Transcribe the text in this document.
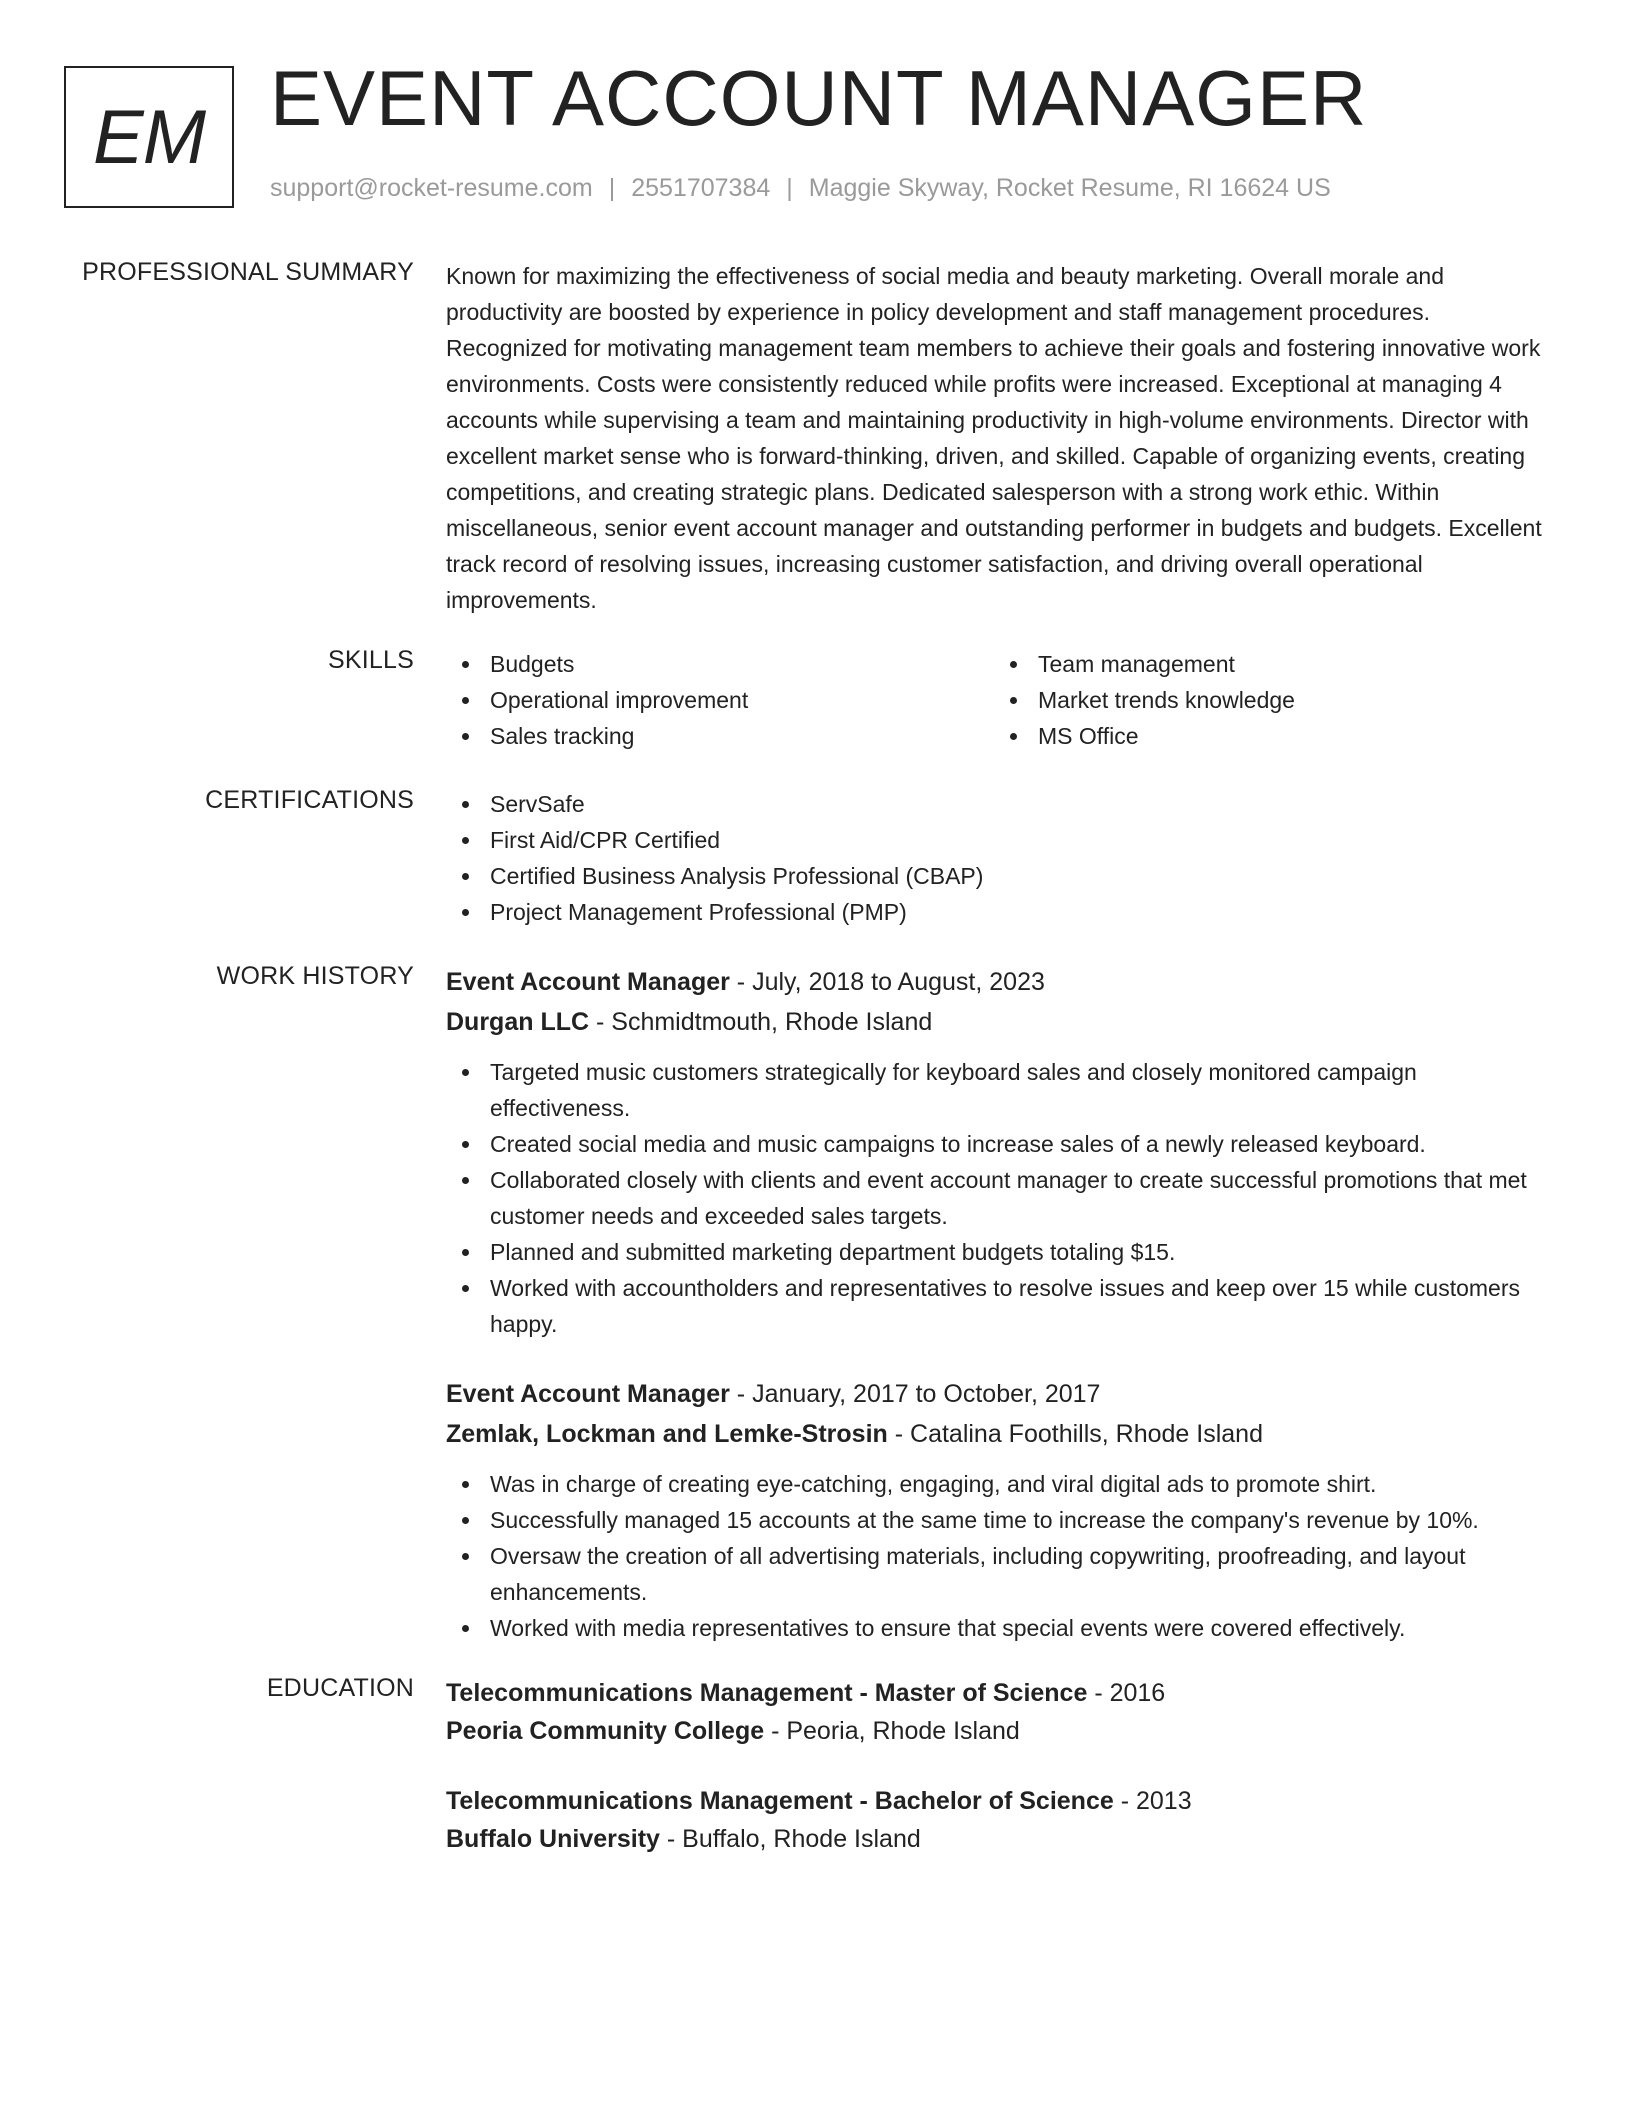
EM EVENT ACCOUNT MANAGER
support@rocket-resume.com | 2551707384 | Maggie Skyway, Rocket Resume, RI 16624 US
PROFESSIONAL SUMMARY Known for maximizing the effectiveness of social media and beauty marketing. Overall morale and productivity are boosted by experience in policy development and staff management procedures. Recognized for motivating management team members to achieve their goals and fostering innovative work environments. Costs were consistently reduced while profits were increased. Exceptional at managing 4 accounts while supervising a team and maintaining productivity in high-volume environments. Director with excellent market sense who is forward-thinking, driven, and skilled. Capable of organizing events, creating competitions, and creating strategic plans. Dedicated salesperson with a strong work ethic. Within miscellaneous, senior event account manager and outstanding performer in budgets and budgets. Excellent track record of resolving issues, increasing customer satisfaction, and driving overall operational improvements.

SKILLS	Budgets	Team management
Operational improvement	Market trends knowledge
Sales tracking	MS Office
CERTIFICATIONS	ServSafe
First Aid/CPR Certified
Certified Business Analysis Professional (CBAP)
Project Management Professional (PMP)
WORK HISTORY Event Account Manager - July, 2018 to August, 2023
Durgan LLC - Schmidtmouth, Rhode Island
Targeted music customers strategically for keyboard sales and closely monitored campaign effectiveness.
Created social media and music campaigns to increase sales of a newly released keyboard.
Collaborated closely with clients and event account manager to create successful promotions that met customer needs and exceeded sales targets.
Planned and submitted marketing department budgets totaling $15.
Worked with accountholders and representatives to resolve issues and keep over 15 while customers happy.
Event Account Manager - January, 2017 to October, 2017
Zemlak, Lockman and Lemke-Strosin - Catalina Foothills, Rhode Island
Was in charge of creating eye-catching, engaging, and viral digital ads to promote shirt.
Successfully managed 15 accounts at the same time to increase the company's revenue by 10%.
Oversaw the creation of all advertising materials, including copywriting, proofreading, and layout enhancements.
Worked with media representatives to ensure that special events were covered effectively.
EDUCATION Telecommunications Management - Master of Science - 2016
Peoria Community College - Peoria, Rhode Island
Telecommunications Management - Bachelor of Science - 2013
Buffalo University - Buffalo, Rhode Island
